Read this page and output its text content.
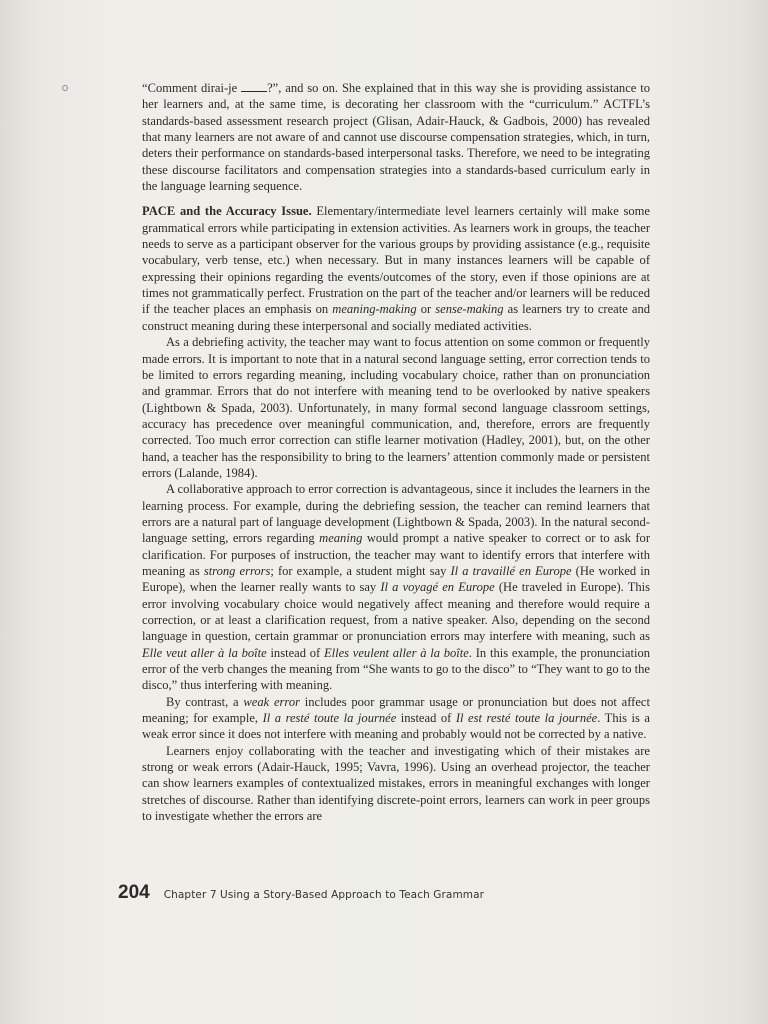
“Comment dirai-je ?”, and so on. She explained that in this way she is providing assistance to her learners and, at the same time, is decorating her classroom with the “curriculum.” ACTFL’s standards-based assessment research project (Glisan, Adair-Hauck, & Gadbois, 2000) has revealed that many learners are not aware of and cannot use discourse compensation strategies, which, in turn, deters their performance on standards-based interpersonal tasks. Therefore, we need to be integrating these discourse facilitators and compensation strategies into a standards-based curriculum early in the language learning sequence.

PACE and the Accuracy Issue. Elementary/intermediate level learners certainly will make some grammatical errors while participating in extension activities. As learners work in groups, the teacher needs to serve as a participant observer for the various groups by providing assistance (e.g., requisite vocabulary, verb tense, etc.) when necessary. But in many instances learners will be capable of expressing their opinions regarding the events/outcomes of the story, even if those opinions are at times not grammatically perfect. Frustration on the part of the teacher and/or learners will be reduced if the teacher places an emphasis on meaning-making or sense-making as learners try to create and construct meaning during these interpersonal and socially mediated activities.

As a debriefing activity, the teacher may want to focus attention on some common or frequently made errors. It is important to note that in a natural second language setting, error correction tends to be limited to errors regarding meaning, including vocabulary choice, rather than on pronunciation and grammar. Errors that do not interfere with meaning tend to be overlooked by native speakers (Lightbown & Spada, 2003). Unfortunately, in many formal second language classroom settings, accuracy has precedence over meaningful communication, and, therefore, errors are frequently corrected. Too much error correction can stifle learner motivation (Hadley, 2001), but, on the other hand, a teacher has the responsibility to bring to the learners’ attention commonly made or persistent errors (Lalande, 1984).

A collaborative approach to error correction is advantageous, since it includes the learners in the learning process. For example, during the debriefing session, the teacher can remind learners that errors are a natural part of language development (Lightbown & Spada, 2003). In the natural second-language setting, errors regarding meaning would prompt a native speaker to correct or to ask for clarification. For purposes of instruction, the teacher may want to identify errors that interfere with meaning as strong errors; for example, a student might say Il a travaillé en Europe (He worked in Europe), when the learner really wants to say Il a voyagé en Europe (He traveled in Europe). This error involving vocabulary choice would negatively affect meaning and therefore would require a correction, or at least a clarification request, from a native speaker. Also, depending on the second language in question, certain grammar or pronunciation errors may interfere with meaning, such as Elle veut aller à la boîte instead of Elles veulent aller à la boîte. In this example, the pronunciation error of the verb changes the meaning from “She wants to go to the disco” to “They want to go to the disco,” thus interfering with meaning.

By contrast, a weak error includes poor grammar usage or pronunciation but does not affect meaning; for example, Il a resté toute la journée instead of Il est resté toute la journée. This is a weak error since it does not interfere with meaning and probably would not be corrected by a native.

Learners enjoy collaborating with the teacher and investigating which of their mistakes are strong or weak errors (Adair-Hauck, 1995; Vavra, 1996). Using an overhead projector, the teacher can show learners examples of contextualized mistakes, errors in meaningful exchanges with longer stretches of discourse. Rather than identifying discrete-point errors, learners can work in peer groups to investigate whether the errors are

204 Chapter 7 Using a Story-Based Approach to Teach Grammar
